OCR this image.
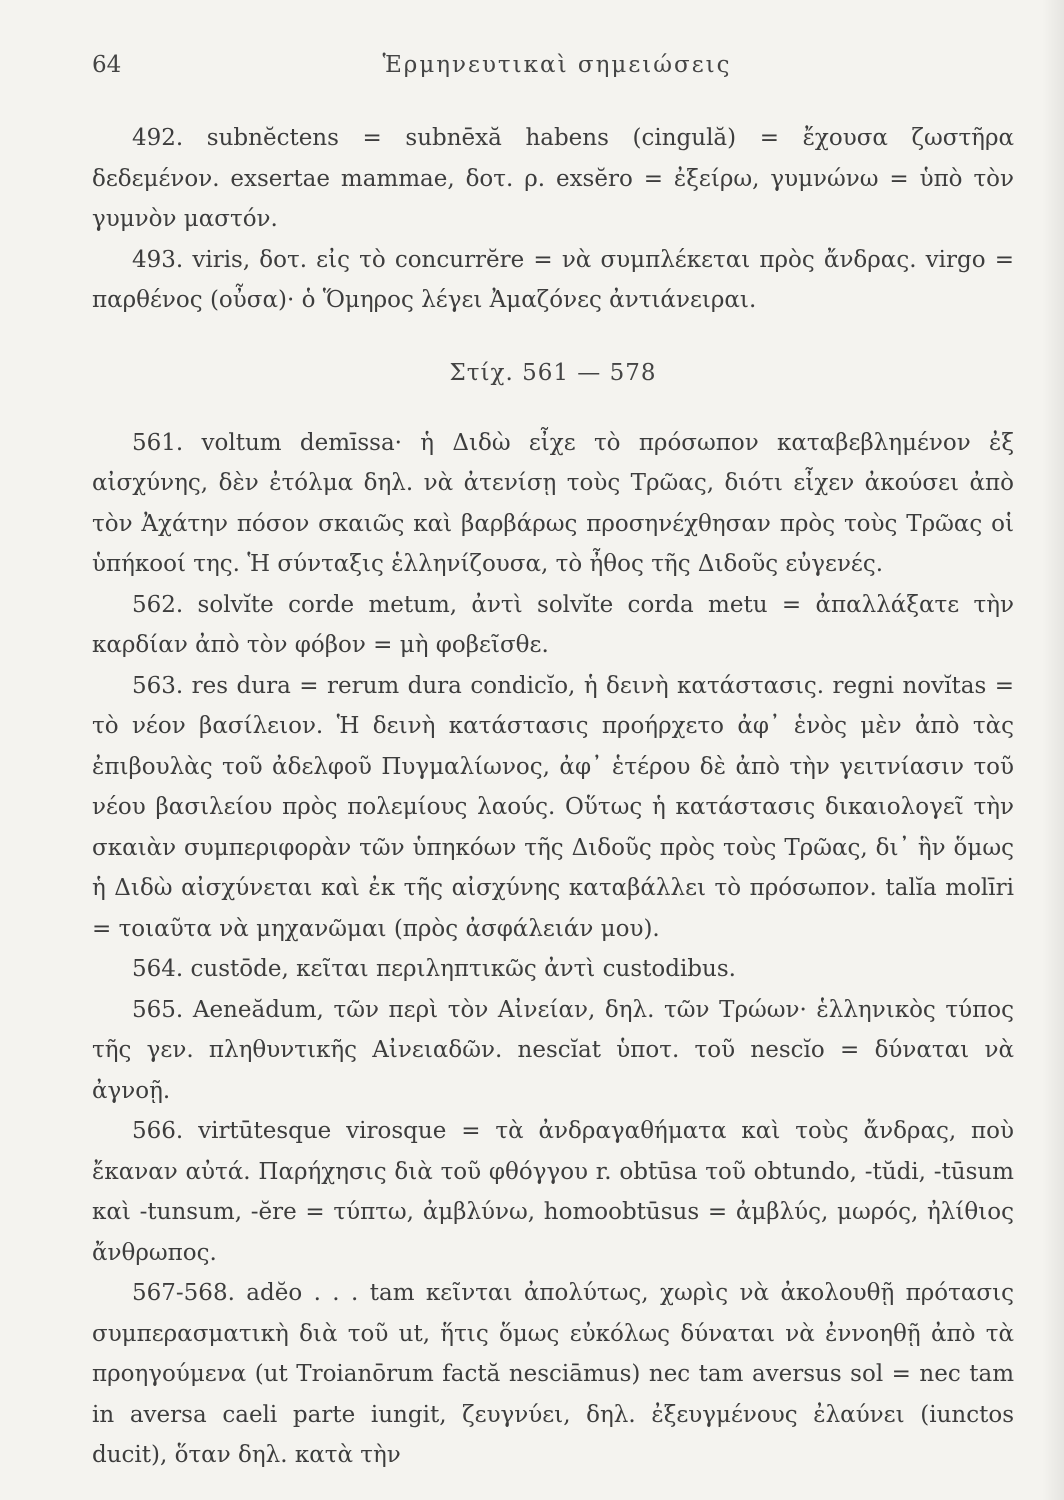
64	Ἑρμηνευτικαὶ σημειώσεις

492. subnĕctens = subnēxă habens (cingulă) = ἔχουσα ζωστῆρα δεδεμένον. exsertae mammae, δοτ. ρ. exsĕro = ἐξείρω, γυμνώνω = ὑπὸ τὸν γυμνὸν μαστόν.

493. viris, δοτ. εἰς τὸ concurrĕre = νὰ συμπλέκεται πρὸς ἄνδρας. virgo = παρθένος (οὖσα)· ὁ Ὅμηρος λέγει Ἀμαζόνες ἀντιάνειραι.

Στίχ. 561 — 578

561. voltum demīssa· ἡ Διδὼ εἶχε τὸ πρόσωπον καταβεβλημένον ἐξ αἰσχύνης, δὲν ἐτόλμα δηλ. νὰ ἀτενίσῃ τοὺς Τρῶας, διότι εἶχεν ἀκούσει ἀπὸ τὸν Ἀχάτην πόσον σκαιῶς καὶ βαρβάρως προσηνέχθησαν πρὸς τοὺς Τρῶας οἱ ὑπήκοοί της. Ἡ σύνταξις ἑλληνίζουσα, τὸ ἦθος τῆς Διδοῦς εὐγενές.

562. solvĭte corde metum, ἀντὶ solvĭte corda metu = ἀπαλλάξατε τὴν καρδίαν ἀπὸ τὸν φόβον = μὴ φοβεῖσθε.

563. res dura = rerum dura condicĭo, ἡ δεινὴ κατάστασις. regni novĭtas = τὸ νέον βασίλειον. Ἡ δεινὴ κατάστασις προήρχετο ἀφ᾽ ἑνὸς μὲν ἀπὸ τὰς ἐπιβουλὰς τοῦ ἀδελφοῦ Πυγμαλίωνος, ἀφ᾽ ἑτέρου δὲ ἀπὸ τὴν γειτνίασιν τοῦ νέου βασιλείου πρὸς πολεμίους λαούς. Οὕτως ἡ κατάστασις δικαιολογεῖ τὴν σκαιὰν συμπεριφορὰν τῶν ὑπηκόων τῆς Διδοῦς πρὸς τοὺς Τρῶας, δι᾽ ἣν ὅμως ἡ Διδὼ αἰσχύνεται καὶ ἐκ τῆς αἰσχύνης καταβάλλει τὸ πρόσωπον. talĭa molīri = τοιαῦτα νὰ μηχανῶμαι (πρὸς ἀσφάλειάν μου).

564. custōde, κεῖται περιληπτικῶς ἀντὶ custodibus.

565. Aeneădum, τῶν περὶ τὸν Αἰνείαν, δηλ. τῶν Τρώων· ἑλληνικὸς τύπος τῆς γεν. πληθυντικῆς Αἰνειαδῶν. nescĭat ὑποτ. τοῦ nescĭo = δύναται νὰ ἀγνοῇ.

566. virtūtesque virosque = τὰ ἀνδραγαθήματα καὶ τοὺς ἄνδρας, ποὺ ἔκαναν αὐτά. Παρήχησις διὰ τοῦ φθόγγου r. obtūsa τοῦ obtundo, -tŭdi, -tūsum καὶ -tunsum, -ĕre = τύπτω, ἀμβλύνω, homoobtūsus = ἀμβλύς, μωρός, ἠλίθιος ἄνθρωπος.

567-568. adĕo . . . tam κεῖνται ἀπολύτως, χωρὶς νὰ ἀκολουθῇ πρότασις συμπερασματικὴ διὰ τοῦ ut, ἥτις ὅμως εὐκόλως δύναται νὰ ἐννοηθῇ ἀπὸ τὰ προηγούμενα (ut Troianōrum factă nesciāmus) nec tam aversus sol = nec tam in aversa caeli parte iungit, ζευγνύει, δηλ. ἐξευγμένους ἐλαύνει (iunctos ducit), ὅταν δηλ. κατὰ τὴν
